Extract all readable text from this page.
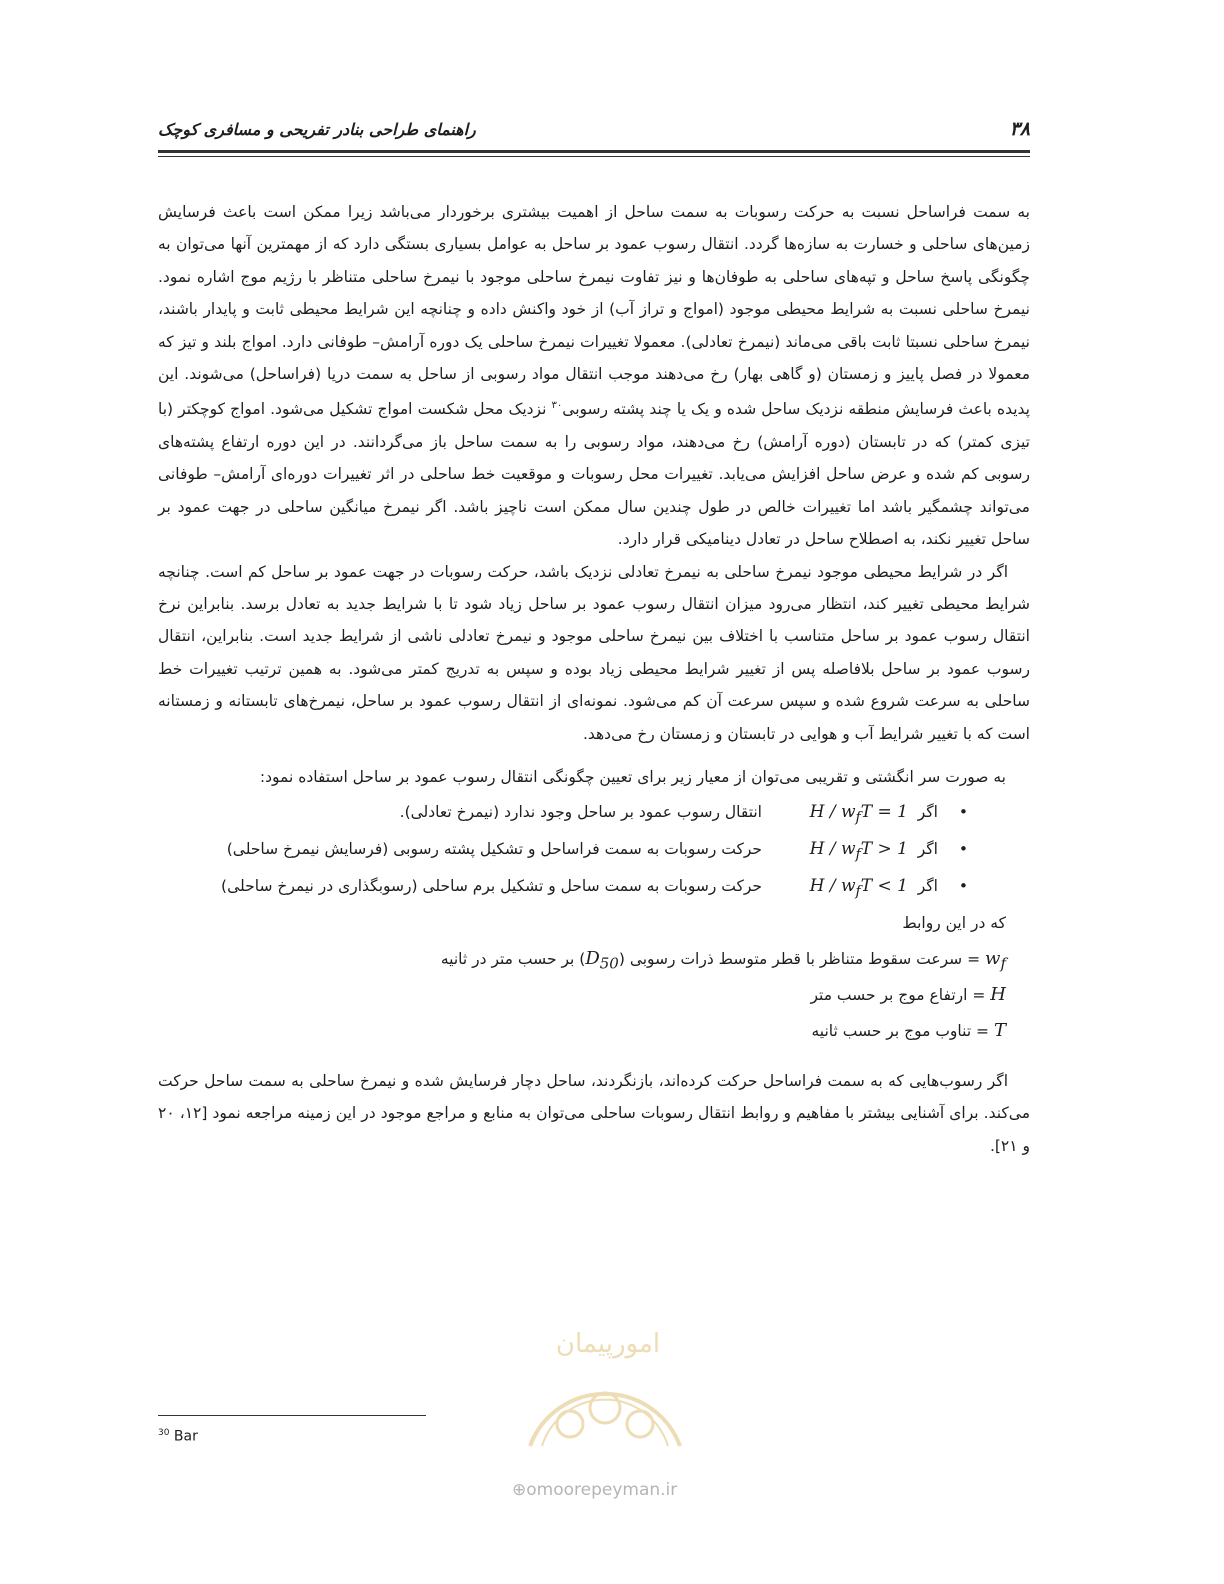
۳۸
راهنمای طراحی بنادر تفریحی و مسافری کوچک

به سمت فراساحل نسبت به حرکت رسوبات به سمت ساحل از اهمیت بیشتری برخوردار می‌باشد زیرا ممکن است باعث فرسایش زمین‌های ساحلی و خسارت به سازه‌ها گردد. انتقال رسوب عمود بر ساحل به عوامل بسیاری بستگی دارد که از مهمترین آنها می‌توان به چگونگی پاسخ ساحل و تپه‌های ساحلی به طوفان‌ها و نیز تفاوت نیمرخ ساحلی موجود با نیمرخ ساحلی متناظر با رژیم موج اشاره نمود. نیمرخ ساحلی نسبت به شرایط محیطی موجود (امواج و تراز آب) از خود واکنش داده و چنانچه این شرایط محیطی ثابت و پایدار باشند، نیمرخ ساحلی نسبتا ثابت باقی می‌ماند (نیمرخ تعادلی). معمولا تغییرات نیمرخ ساحلی یک دوره آرامش– طوفانی دارد. امواج بلند و تیز که معمولا در فصل پاییز و زمستان (و گاهی بهار) رخ می‌دهند موجب انتقال مواد رسوبی از ساحل به سمت دریا (فراساحل) می‌شوند. این پدیده باعث فرسایش منطقه نزدیک ساحل شده و یک یا چند پشته رسوبی$^{۳۰}$ نزدیک محل شکست امواج تشکیل می‌شود. امواج کوچکتر (با تیزی کمتر) که در تابستان (دوره آرامش) رخ می‌دهند، مواد رسوبی را به سمت ساحل باز می‌گردانند. در این دوره ارتفاع پشته‌های رسوبی کم شده و عرض ساحل افزایش می‌یابد. تغییرات محل رسوبات و موقعیت خط ساحلی در اثر تغییرات دوره‌ای آرامش– طوفانی می‌تواند چشمگیر باشد اما تغییرات خالص در طول چندین سال ممکن است ناچیز باشد. اگر نیمرخ میانگین ساحلی در جهت عمود بر ساحل تغییر نکند، به اصطلاح ساحل در تعادل دینامیکی قرار دارد.

اگر در شرایط محیطی موجود نیمرخ ساحلی به نیمرخ تعادلی نزدیک باشد، حرکت رسوبات در جهت عمود بر ساحل کم است. چنانچه شرایط محیطی تغییر کند، انتظار می‌رود میزان انتقال رسوب عمود بر ساحل زیاد شود تا با شرایط جدید به تعادل برسد. بنابراین نرخ انتقال رسوب عمود بر ساحل متناسب با اختلاف بین نیمرخ ساحلی موجود و نیمرخ تعادلی ناشی از شرایط جدید است. بنابراین، انتقال رسوب عمود بر ساحل بلافاصله پس از تغییر شرایط محیطی زیاد بوده و سپس به تدریج کمتر می‌شود. به همین ترتیب تغییرات خط ساحلی به سرعت شروع شده و سپس سرعت آن کم می‌شود. نمونه‌ای از انتقال رسوب عمود بر ساحل، نیمرخ‌های تابستانه و زمستانه است که با تغییر شرایط آب و هوایی در تابستان و زمستان رخ می‌دهد.

به صورت سر انگشتی و تقریبی می‌توان از معیار زیر برای تعیین چگونگی انتقال رسوب عمود بر ساحل استفاده نمود:
•
اگر
$H / w_fT = 1$
انتقال رسوب عمود بر ساحل وجود ندارد (نیمرخ تعادلی).
•
اگر
$H / w_fT > 1$
حرکت رسوبات به سمت فراساحل و تشکیل پشته رسوبی (فرسایش نیمرخ ساحلی)
•
اگر
$H / w_fT < 1$
حرکت رسوبات به سمت ساحل و تشکیل برم ساحلی (رسوبگذاری در نیمرخ ساحلی)
که در این روابط
$w_f$ = سرعت سقوط متناظر با قطر متوسط ذرات رسوبی $(D_{50})$ بر حسب متر در ثانیه
H = ارتفاع موج بر حسب متر
T = تناوب موج بر حسب ثانیه

اگر رسوب‌هایی که به سمت فراساحل حرکت کرده‌اند، بازنگردند، ساحل دچار فرسایش شده و نیمرخ ساحلی به سمت ساحل حرکت می‌کند. برای آشنایی بیشتر با مفاهیم و روابط انتقال رسوبات ساحلی می‌توان به منابع و مراجع موجود در این زمینه مراجعه نمود [۱۲، ۲۰ و ۲۱].

$^{30}$ Bar
امورپیمان
⊕omoorepeyman.ir
